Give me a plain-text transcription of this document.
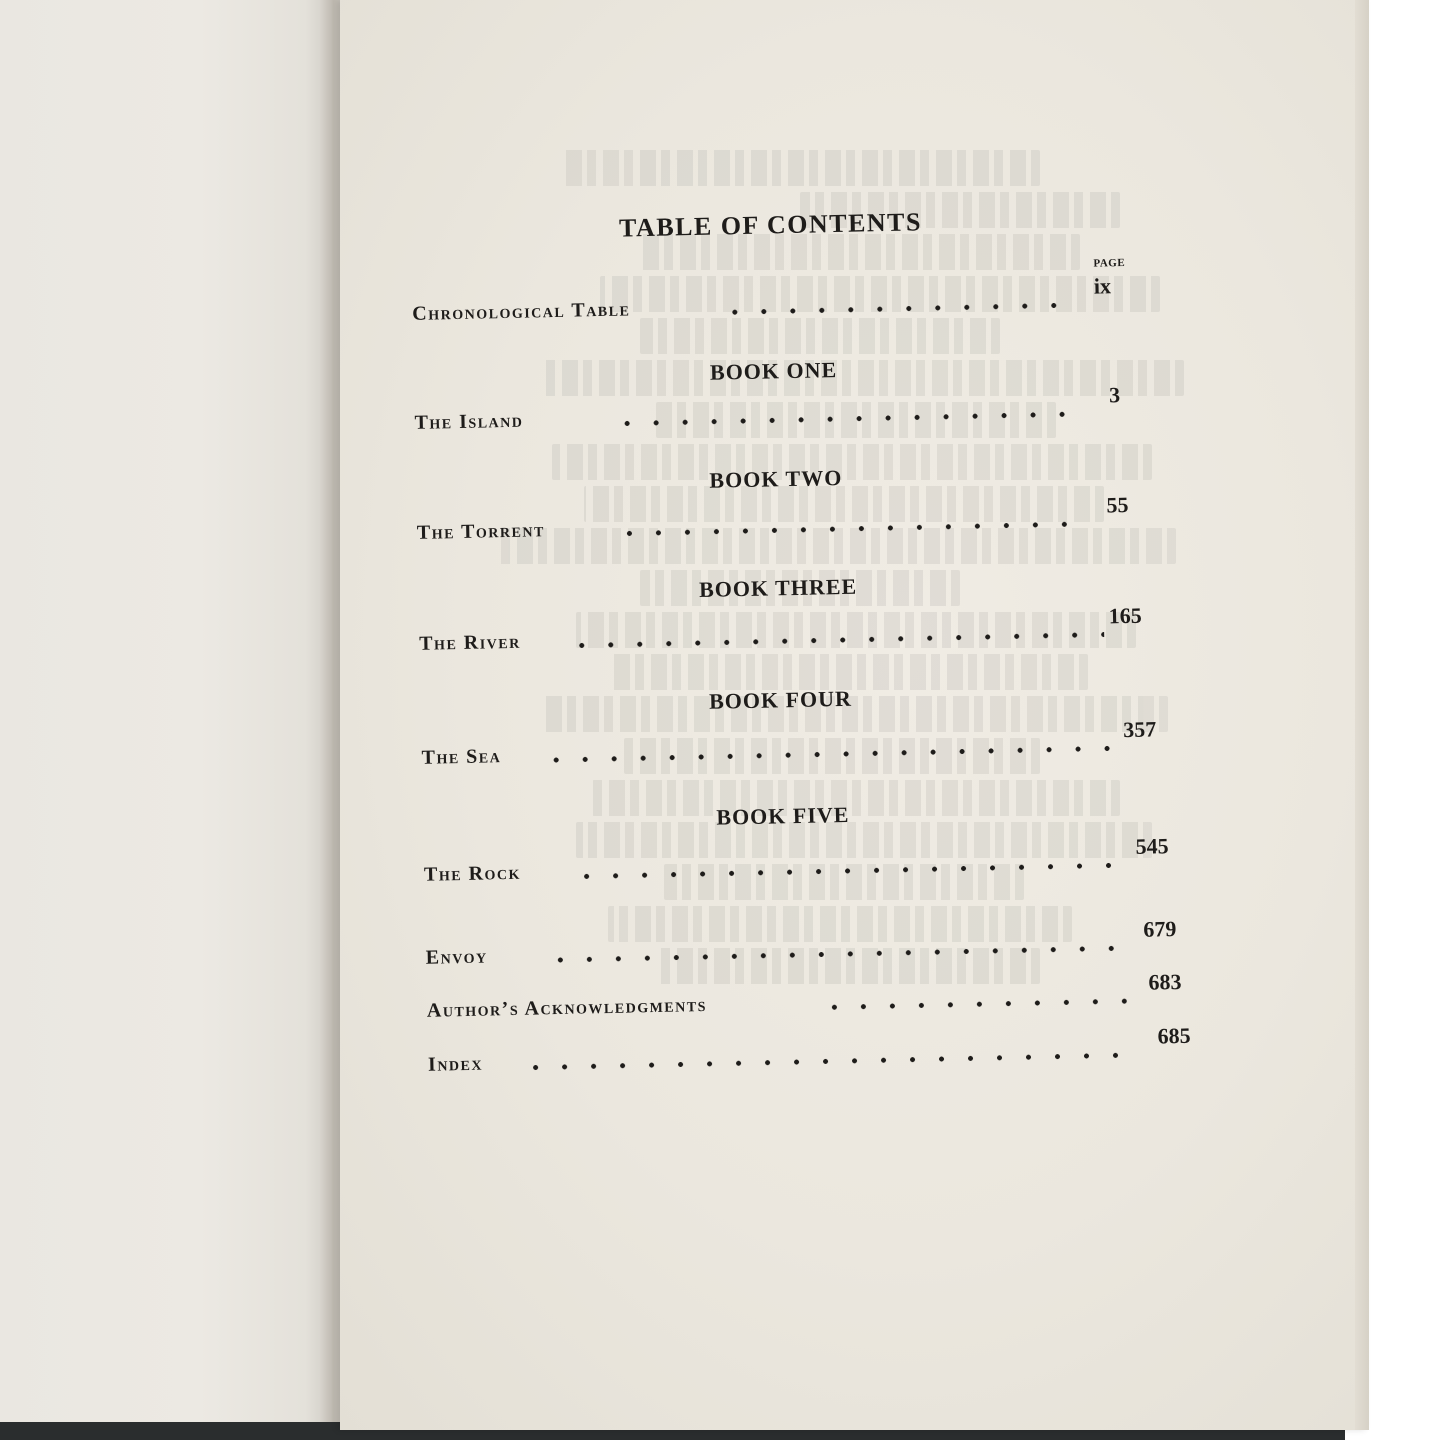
TABLE OF CONTENTS
PAGE
Chronological Table
ix
BOOK ONE
The Island
3
BOOK TWO
The Torrent
55
BOOK THREE
The River
165
BOOK FOUR
The Sea
357
BOOK FIVE
The Rock
545
Envoy
679
Author’s Acknowledgments
683
Index
685
